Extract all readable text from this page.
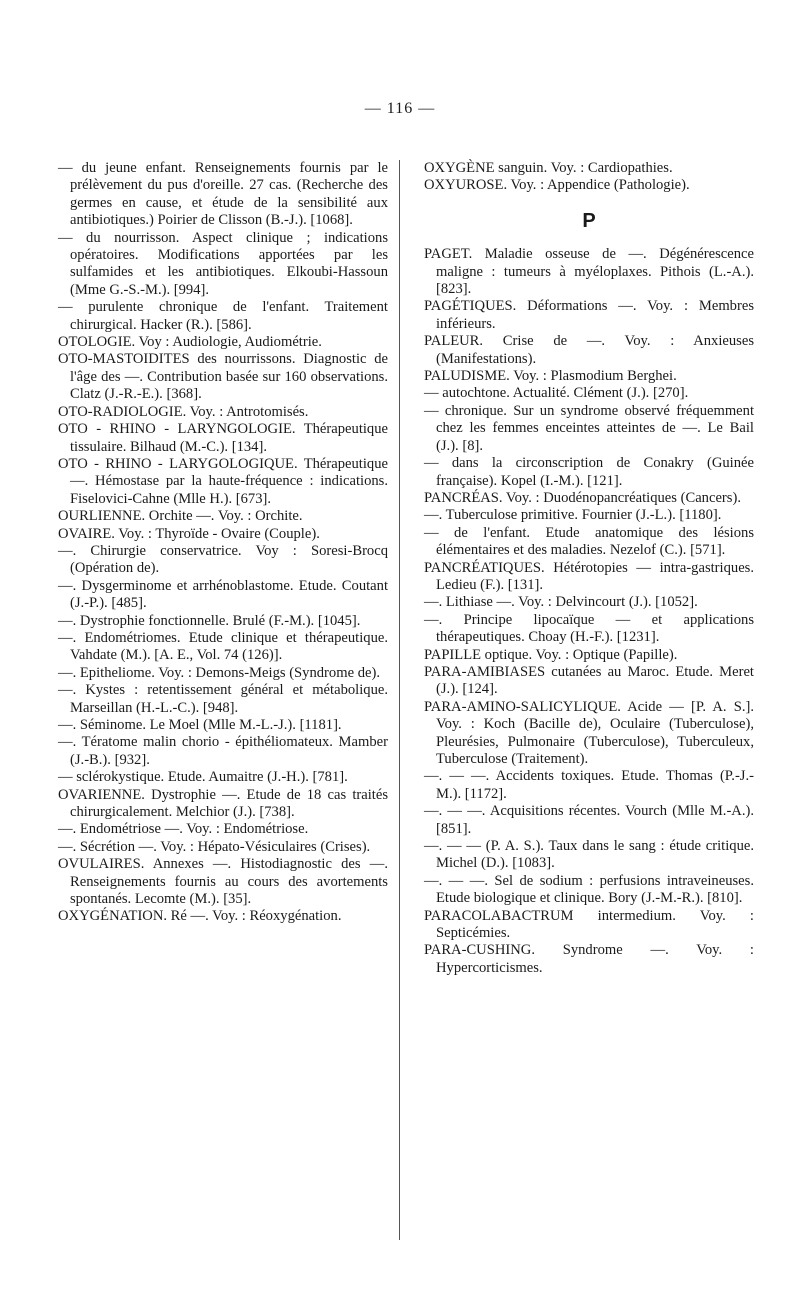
— 116 —

— du jeune enfant. Renseignements fournis par le prélèvement du pus d'oreille. 27 cas. (Recherche des germes en cause, et étude de la sensibilité aux antibiotiques.) Poirier de Clisson (B.-J.). [1068].

— du nourrisson. Aspect clinique ; indications opératoires. Modifications apportées par les sulfamides et les antibiotiques. Elkoubi-Hassoun (Mme G.-S.-M.). [994].

— purulente chronique de l'enfant. Traitement chirurgical. Hacker (R.). [586].

OTOLOGIE. Voy : Audiologie, Audiométrie.

OTO-MASTOIDITES des nourrissons. Diagnostic de l'âge des —. Contribution basée sur 160 observations. Clatz (J.-R.-E.). [368].

OTO-RADIOLOGIE. Voy. : Antrotomisés.

OTO - RHINO - LARYNGOLOGIE. Thérapeutique tissulaire. Bilhaud (M.-C.). [134].

OTO - RHINO - LARYGOLOGIQUE. Thérapeutique —. Hémostase par la haute-fréquence : indications. Fiselovici-Cahne (Mlle H.). [673].

OURLIENNE. Orchite —. Voy. : Orchite.

OVAIRE. Voy. : Thyroïde - Ovaire (Couple).

—. Chirurgie conservatrice. Voy : Soresi-Brocq (Opération de).

—. Dysgerminome et arrhénoblastome. Etude. Coutant (J.-P.). [485].

—. Dystrophie fonctionnelle. Brulé (F.-M.). [1045].

—. Endométriomes. Etude clinique et thérapeutique. Vahdate (M.). [A. E., Vol. 74 (126)].

—. Epitheliome. Voy. : Demons-Meigs (Syndrome de).

—. Kystes : retentissement général et métabolique. Marseillan (H.-L.-C.). [948].

—. Séminome. Le Moel (Mlle M.-L.-J.). [1181].

—. Tératome malin chorio - épithéliomateux. Mamber (J.-B.). [932].

— sclérokystique. Etude. Aumaitre (J.-H.). [781].

OVARIENNE. Dystrophie —. Etude de 18 cas traités chirurgicalement. Melchior (J.). [738].

—. Endométriose —. Voy. : Endométriose.

—. Sécrétion —. Voy. : Hépato-Vésiculaires (Crises).

OVULAIRES. Annexes —. Histodiagnostic des —. Renseignements fournis au cours des avortements spontanés. Lecomte (M.). [35].

OXYGÉNATION. Ré —. Voy. : Réoxygénation.

OXYGÈNE sanguin. Voy. : Cardiopathies.

OXYUROSE. Voy. : Appendice (Pathologie).

P

PAGET. Maladie osseuse de —. Dégénérescence maligne : tumeurs à myéloplaxes. Pithois (L.-A.). [823].

PAGÉTIQUES. Déformations —. Voy. : Membres inférieurs.

PALEUR. Crise de —. Voy. : Anxieuses (Manifestations).

PALUDISME. Voy. : Plasmodium Berghei.

— autochtone. Actualité. Clément (J.). [270].

— chronique. Sur un syndrome observé fréquemment chez les femmes enceintes atteintes de —. Le Bail (J.). [8].

— dans la circonscription de Conakry (Guinée française). Kopel (I.-M.). [121].

PANCRÉAS. Voy. : Duodénopancréatiques (Cancers).

—. Tuberculose primitive. Fournier (J.-L.). [1180].

— de l'enfant. Etude anatomique des lésions élémentaires et des maladies. Nezelof (C.). [571].

PANCRÉATIQUES. Hétérotopies — intra-gastriques. Ledieu (F.). [131].

—. Lithiase —. Voy. : Delvincourt (J.). [1052].

—. Principe lipocaïque — et applications thérapeutiques. Choay (H.-F.). [1231].

PAPILLE optique. Voy. : Optique (Papille).

PARA-AMIBIASES cutanées au Maroc. Etude. Meret (J.). [124].

PARA-AMINO-SALICYLIQUE. Acide — [P. A. S.]. Voy. : Koch (Bacille de), Oculaire (Tuberculose), Pleurésies, Pulmonaire (Tuberculose), Tuberculeux, Tuberculose (Traitement).

—. — —. Accidents toxiques. Etude. Thomas (P.-J.-M.). [1172].

—. — —. Acquisitions récentes. Vourch (Mlle M.-A.). [851].

—. — — (P. A. S.). Taux dans le sang : étude critique. Michel (D.). [1083].

—. — —. Sel de sodium : perfusions intraveineuses. Etude biologique et clinique. Bory (J.-M.-R.). [810].

PARACOLABACTRUM intermedium. Voy. : Septicémies.

PARA-CUSHING. Syndrome —. Voy. : Hypercorticismes.
